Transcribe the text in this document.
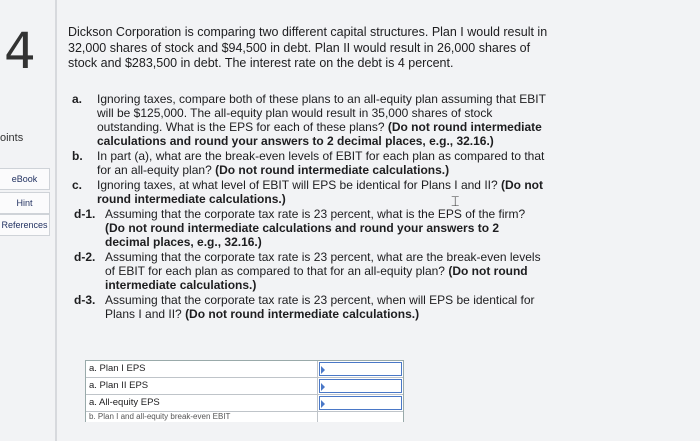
4
oints
eBook
Hint
References
Dickson Corporation is comparing two different capital structures. Plan I would result in 32,000 shares of stock and $94,500 in debt. Plan II would result in 26,000 shares of stock and $283,500 in debt. The interest rate on the debt is 4 percent.
a.	Ignoring taxes, compare both of these plans to an all-equity plan assuming that EBIT will be $125,000. The all-equity plan would result in 35,000 shares of stock outstanding. What is the EPS for each of these plans? (Do not round intermediate calculations and round your answers to 2 decimal places, e.g., 32.16.)
b.	In part (a), what are the break-even levels of EBIT for each plan as compared to that for an all-equity plan? (Do not round intermediate calculations.)
c.	Ignoring taxes, at what level of EBIT will EPS be identical for Plans I and II? (Do not round intermediate calculations.)
d-1. Assuming that the corporate tax rate is 23 percent, what is the EPS of the firm? (Do not round intermediate calculations and round your answers to 2 decimal places, e.g., 32.16.)
d-2. Assuming that the corporate tax rate is 23 percent, what are the break-even levels of EBIT for each plan as compared to that for an all-equity plan? (Do not round intermediate calculations.)
d-3. Assuming that the corporate tax rate is 23 percent, when will EPS be identical for Plans I and II? (Do not round intermediate calculations.)
⌶
a. Plan I EPS
a. Plan II EPS
a. All-equity EPS
b. Plan I and all-equity break-even EBIT
